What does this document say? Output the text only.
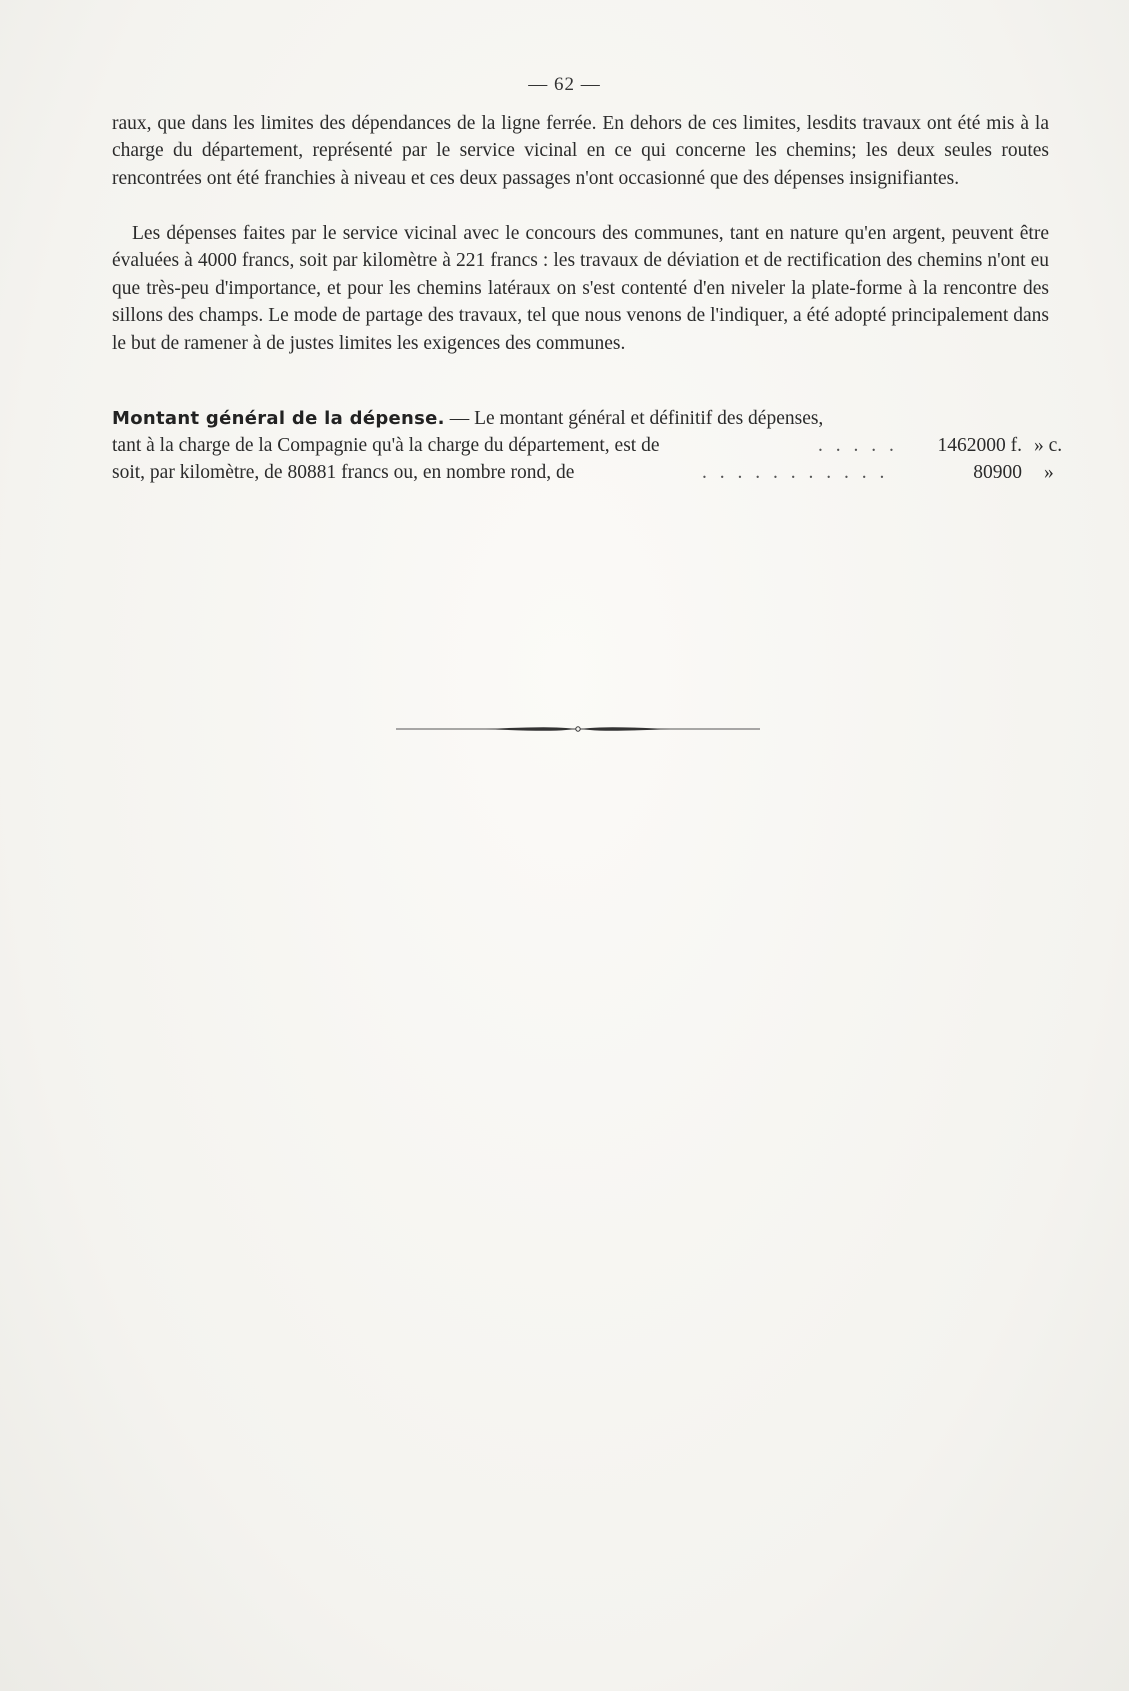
— 62 —

raux, que dans les limites des dépendances de la ligne ferrée. En dehors de ces limites, lesdits travaux ont été mis à la charge du département, représenté par le service vicinal en ce qui concerne les chemins; les deux seules routes rencontrées ont été franchies à niveau et ces deux passages n'ont occasionné que des dépenses insignifiantes.

Les dépenses faites par le service vicinal avec le concours des communes, tant en nature qu'en argent, peuvent être évaluées à 4000 francs, soit par kilomètre à 221 francs : les travaux de déviation et de rectification des chemins n'ont eu que très-peu d'importance, et pour les chemins latéraux on s'est contenté d'en niveler la plate-forme à la rencontre des sillons des champs. Le mode de partage des travaux, tel que nous venons de l'indiquer, a été adopté principalement dans le but de ramener à de justes limites les exigences des communes.

Montant général de la dépense. — Le montant général et définitif des dépenses,

tant à la charge de la Compagnie qu'à la charge du département, est de	. . . . .	1462000 f. » c.
soit, par kilomètre, de 80881 francs ou, en nombre rond, de	. . . . . . . . . . .	80900 »
